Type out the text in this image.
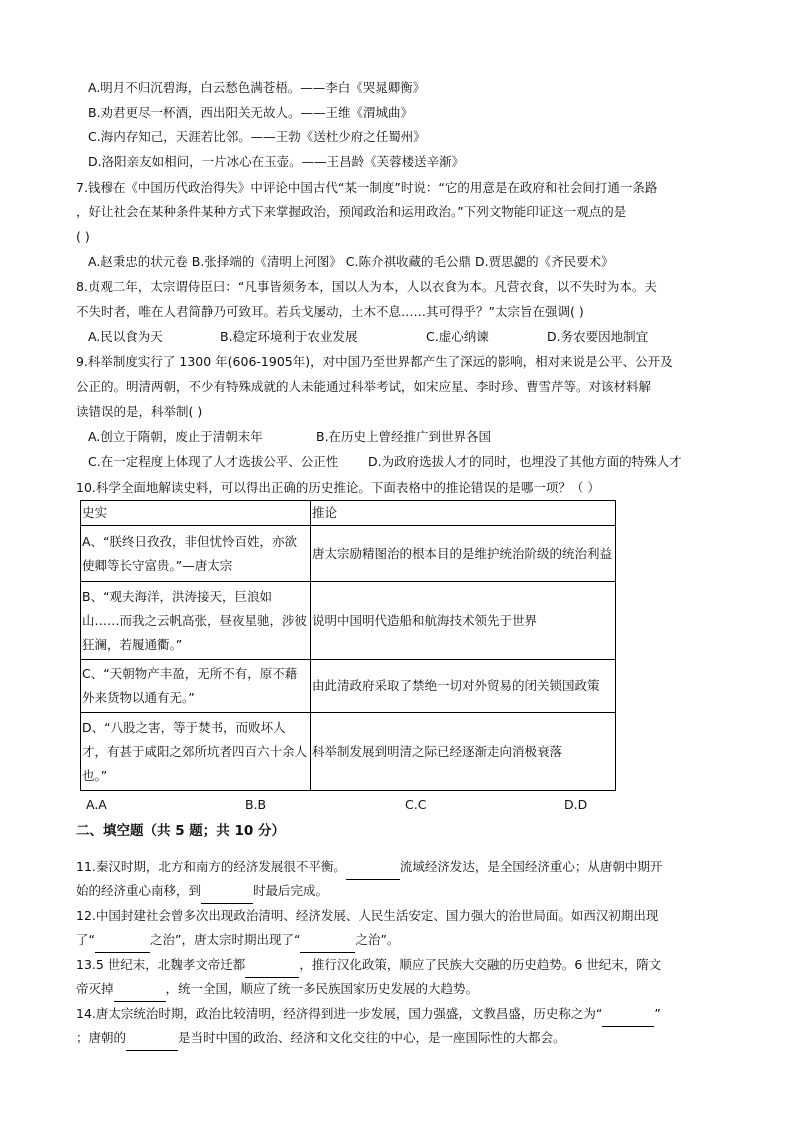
A.明月不归沉碧海，白云愁色满苍梧。——李白《哭晁卿衡》
B.劝君更尽一杯酒，西出阳关无故人。——王维《渭城曲》
C.海内存知己，天涯若比邻。——王勃《送杜少府之任蜀州》
D.洛阳亲友如相问，一片冰心在玉壶。——王昌龄《芙蓉楼送辛渐》
7.钱穆在《中国历代政治得失》中评论中国古代“某一制度”时说：“它的用意是在政府和社会间打通一条路
，好让社会在某种条件某种方式下来掌握政治，预闻政治和运用政治。”下列文物能印证这一观点的是
( )
A.赵秉忠的状元卷 B.张择端的《清明上河图》 C.陈介祺收藏的毛公鼎 D.贾思勰的《齐民要术》
8.贞观二年，太宗谓侍臣曰：“凡事皆须务本，国以人为本，人以衣食为本。凡营衣食，以不失时为本。夫
不失时者，唯在人君简静乃可致耳。若兵戈屡动，土木不息……其可得乎？”太宗旨在强调( )
A.民以食为天	B.稳定环境利于农业发展	C.虚心纳谏	D.务农要因地制宜
9.科举制度实行了 1300 年(606-1905年)，对中国乃至世界都产生了深远的影响，相对来说是公平、公开及
公正的。明清两朝，不少有特殊成就的人未能通过科举考试，如宋应星、李时珍、曹雪芹等。对该材料解
读错误的是，科举制( )
A.创立于隋朝，废止于清朝末年	B.在历史上曾经推广到世界各国
C.在一定程度上体现了人才选拔公平、公正性 D.为政府选拔人才的同时，也埋没了其他方面的特殊人才
10.科学全面地解读史料，可以得出正确的历史推论。下面表格中的推论错误的是哪一项？（ ）
史实	推论
A、“朕终日孜孜，非但忧怜百姓，亦欲使卿等长守富贵。”—唐太宗	唐太宗励精图治的根本目的是维护统治阶级的统治利益
B、“观夫海洋，洪涛接天，巨浪如山……而我之云帆高张，昼夜星驰，涉彼狂澜，若履通衢。”	说明中国明代造船和航海技术领先于世界
C、“天朝物产丰盈，无所不有，原不藉外来货物以通有无。”	由此清政府采取了禁绝一切对外贸易的闭关锁国政策
D、“八股之害，等于焚书，而败坏人才，有甚于咸阳之郊所坑者四百六十余人也。”	科举制发展到明清之际已经逐渐走向消极衰落
A.A	B.B	C.C	D.D
二、填空题（共 5 题；共 10 分）
11.秦汉时期，北方和南方的经济发展很不平衡。	流域经济发达，是全国经济重心；从唐朝中期开
始的经济重心南移，到	时最后完成。
12.中国封建社会曾多次出现政治清明、经济发展、人民生活安定、国力强大的治世局面。如西汉初期出现
了“	之治”，唐太宗时期出现了“	之治”。
13.5 世纪末，北魏孝文帝迁都	，推行汉化政策，顺应了民族大交融的历史趋势。6 世纪末，隋文
帝灭掉	，统一全国，顺应了统一多民族国家历史发展的大趋势。
14.唐太宗统治时期，政治比较清明，经济得到进一步发展，国力强盛，文教昌盛，历史称之为“	”
；唐朝的	是当时中国的政治、经济和文化交往的中心，是一座国际性的大都会。
